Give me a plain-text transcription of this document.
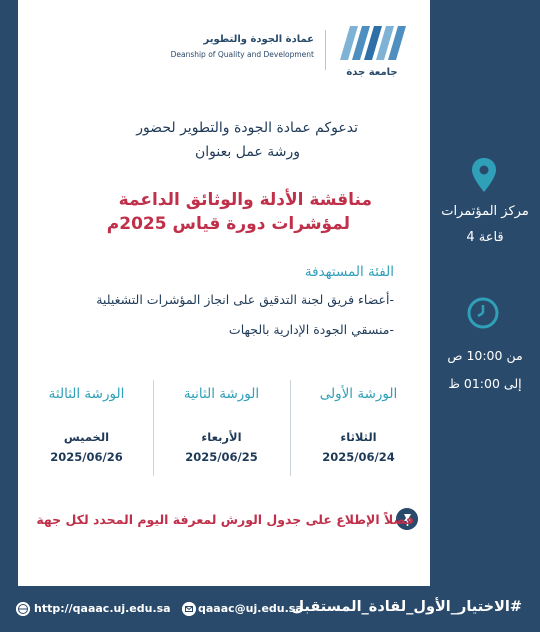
جامعة جدة
عمادة الجودة والتطوير
Deanship of Quality and Development
تدعوكم عمادة الجودة والتطوير لحضور
ورشة عمل بعنوان
مناقشة الأدلة والوثائق الداعمة
لمؤشرات دورة قياس 2025م
الفئة المستهدفة
-أعضاء فريق لجنة التدقيق على انجاز المؤشرات التشغيلية
-منسقي الجودة الإدارية بالجهات
الورشة الأولى
الثلاثاء
2025/06/24
الورشة الثانية
الأربعاء
2025/06/25
الورشة الثالثة
الخميس
2025/06/26
فضلاً الإطلاع على جدول الورش لمعرفة اليوم المحدد لكل جهة
مركز المؤتمرات
قاعة 4
من 10:00 ص
إلى 01:00 ظ
http://qaaac.uj.edu.sa qaaac@uj.edu.sa
#الاختيار_الأول_لقادة_المستقبل
